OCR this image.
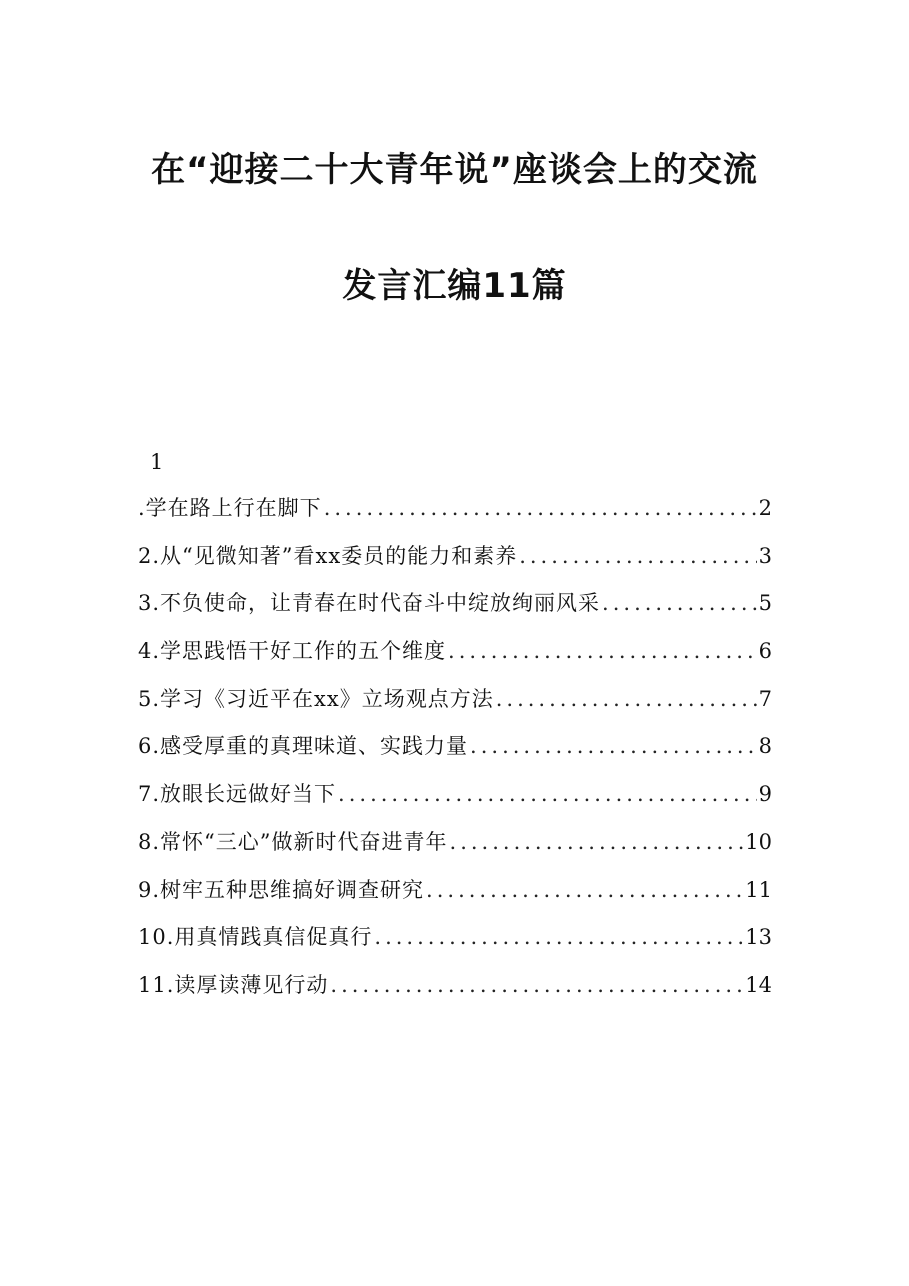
在“迎接二十大青年说”座谈会上的交流
发言汇编11篇
1
.学在路上行在脚下 .....	2
2.从“见微知著”看xx委员的能力和素养 .....	3
3.不负使命，让青春在时代奋斗中绽放绚丽风采 .....	5
4.学思践悟干好工作的五个维度 .....	6
5.学习《习近平在xx》立场观点方法 .....	7
6.感受厚重的真理味道、实践力量 .....	8
7.放眼长远做好当下 .....	9
8.常怀“三心”做新时代奋进青年 .....	10
9.树牢五种思维搞好调查研究 .....	11
10.用真情践真信促真行 .....	13
11.读厚读薄见行动 .....	14
